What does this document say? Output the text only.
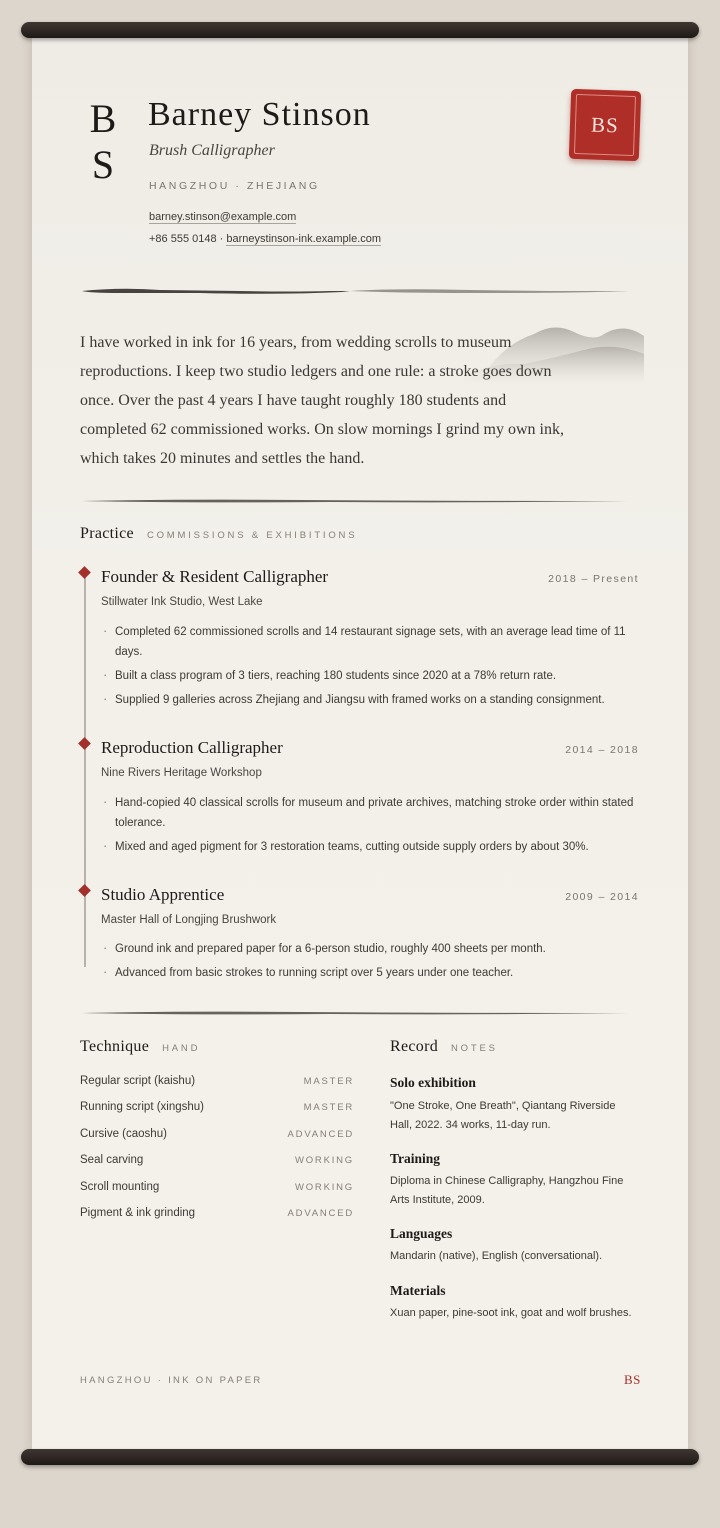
B
S
Barney Stinson
Brush Calligrapher
HANGZHOU · ZHEJIANG
barney.stinson@example.com
+86 555 0148 · barneystinson-ink.example.com
BS

I have worked in ink for 16 years, from wedding scrolls to museum reproductions. I keep two studio ledgers and one rule: a stroke goes down once. Over the past 4 years I have taught roughly 180 students and completed 62 commissioned works. On slow mornings I grind my own ink, which takes 20 minutes and settles the hand.

Practice COMMISSIONS & EXHIBITIONS
Founder & Resident Calligrapher	2018 – Present
Stillwater Ink Studio, West Lake
· Completed 62 commissioned scrolls and 14 restaurant signage sets, with an average lead time of 11 days.
· Built a class program of 3 tiers, reaching 180 students since 2020 at a 78% return rate.
· Supplied 9 galleries across Zhejiang and Jiangsu with framed works on a standing consignment.
Reproduction Calligrapher	2014 – 2018
Nine Rivers Heritage Workshop
· Hand-copied 40 classical scrolls for museum and private archives, matching stroke order within stated tolerance.
· Mixed and aged pigment for 3 restoration teams, cutting outside supply orders by about 30%.
Studio Apprentice	2009 – 2014
Master Hall of Longjing Brushwork
· Ground ink and prepared paper for a 6-person studio, roughly 400 sheets per month.
· Advanced from basic strokes to running script over 5 years under one teacher.
Technique HAND
Regular script (kaishu)	MASTER
Running script (xingshu)	MASTER
Cursive (caoshu)	ADVANCED
Seal carving	WORKING
Scroll mounting	WORKING
Pigment & ink grinding	ADVANCED
Record NOTES
Solo exhibition
"One Stroke, One Breath", Qiantang Riverside
Hall, 2022. 34 works, 11-day run.
Training
Diploma in Chinese Calligraphy, Hangzhou Fine
Arts Institute, 2009.
Languages
Mandarin (native), English (conversational).
Materials
Xuan paper, pine-soot ink, goat and wolf brushes.
HANGZHOU · INK ON PAPER	BS
